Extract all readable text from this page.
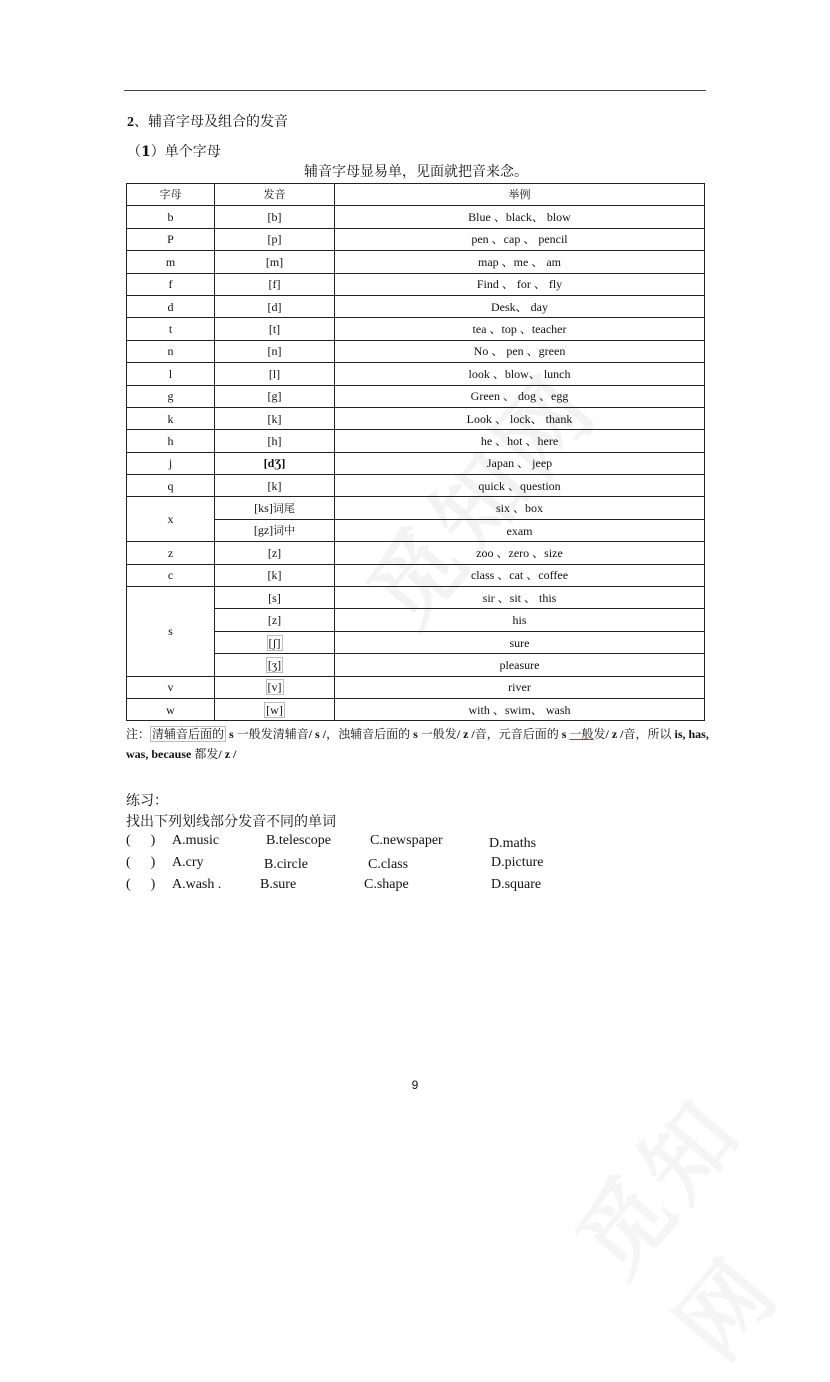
2、辅音字母及组合的发音
（1）单个字母
辅音字母显易单，见面就把音来念。
字母	发音	举例
b	[b]	Blue 、black、 blow
P	[p]	pen 、cap 、 pencil
m	[m]	map 、me 、 am
f	[f]	Find 、 for 、 fly
d	[d]	Desk、 day
t	[t]	tea 、top 、teacher
n	[n]	No 、 pen 、green
l	[l]	look 、blow、 lunch
g	[g]	Green 、 dog 、egg
k	[k]	Look 、 lock、 thank
h	[h]	he 、hot 、here
j	[dƷ]	Japan 、 jeep
q	[k]	quick 、question
x	[ks]词尾	six 、box
	[gz]词中	exam
z	[z]	zoo 、zero 、size
c	[k]	class 、cat 、coffee
s	[s]	sir 、sit 、 this
	[z]	his
	[ʃ]	sure
	[ʒ]	pleasure
v	[v]	river
w	[w]	with 、swim、 wash
注： 清辅音后面的 s 一般发清辅音/ s /，浊辅音后面的 s 一般发/ z /音，元音后面的 s 一般发/ z /音，所以 is, has, was, because 都发/ z /
练习：
找出下列划线部分发音不同的单词
( ) A.music	B.telescope	C.newspaper	D.maths
( ) A.cry	B.circle	C.class	D.picture
( ) A.wash .	B.sure	C.shape	D.square
9
